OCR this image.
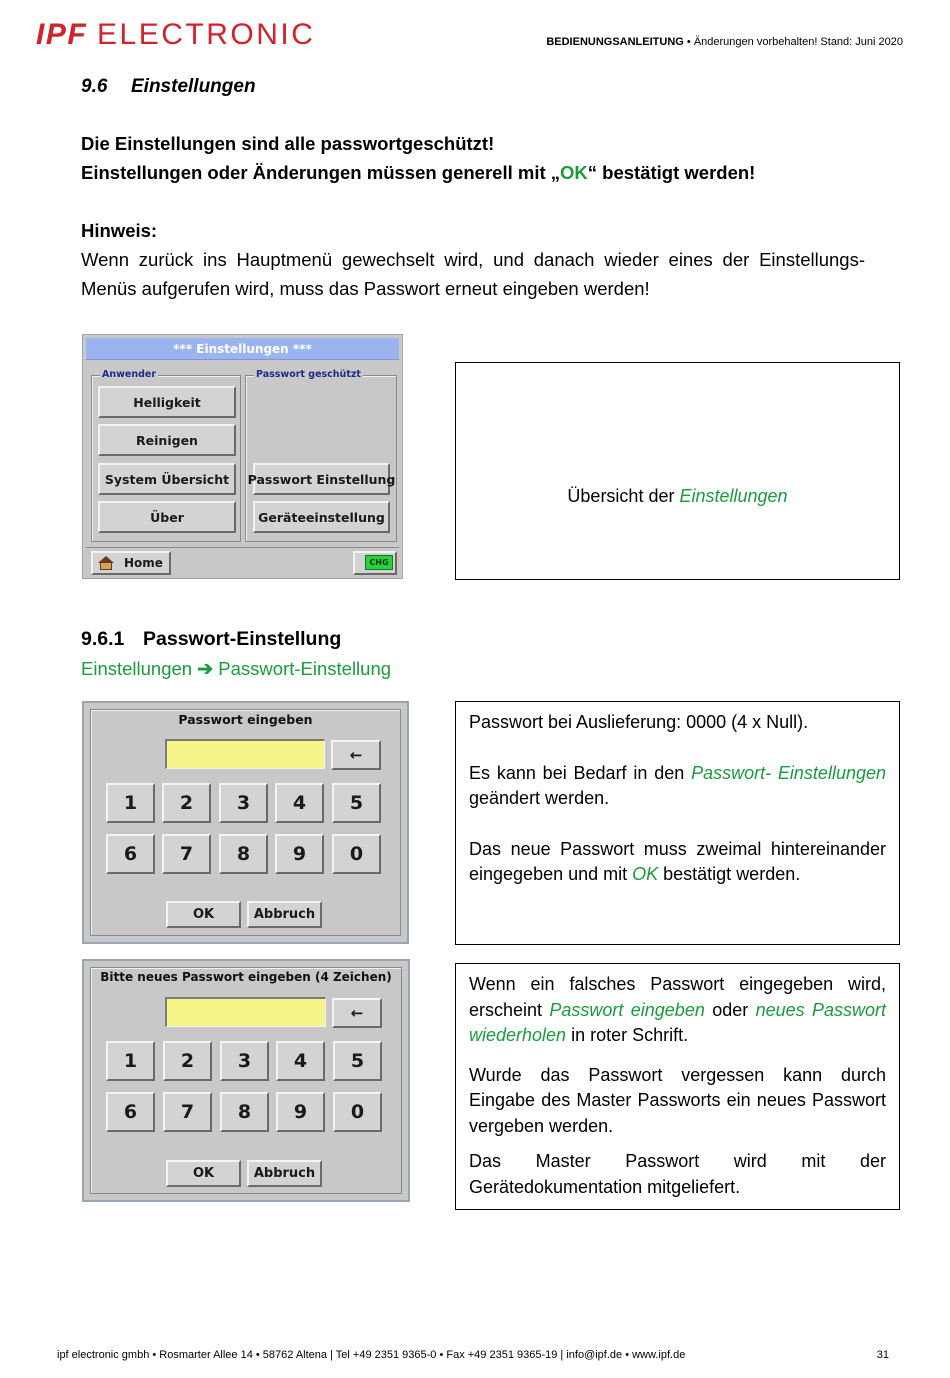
IPF ELECTRONIC	BEDIENUNGSANLEITUNG • Änderungen vorbehalten! Stand: Juni 2020
9.6 Einstellungen
Die Einstellungen sind alle passwortgeschützt!
Einstellungen oder Änderungen müssen generell mit „OK“ bestätigt werden!
Hinweis:
Wenn zurück ins Hauptmenü gewechselt wird, und danach wieder eines der Einstellungs-Menüs aufgerufen wird, muss das Passwort erneut eingeben werden!
*** Einstellungen ***
Anwender	Passwort geschützt
Helligkeit
Reinigen
System Übersicht
Über
Passwort Einstellung
Geräteeinstellung
Home	CHG

Übersicht der Einstellungen

9.6.1 Passwort-Einstellung
Einstellungen ➔ Passwort-Einstellung
Passwort eingeben
←
1	2	3	4	5
6	7	8	9	0
OK	Abbruch

Passwort bei Auslieferung: 0000 (4 x Null).

Es kann bei Bedarf in den Passwort- Einstellungen geändert werden.

Das neue Passwort muss zweimal hintereinander eingegeben und mit OK bestätigt werden.

Bitte neues Passwort eingeben (4 Zeichen)
←
1	2	3	4	5
6	7	8	9	0
OK	Abbruch

Wenn ein falsches Passwort eingegeben wird, erscheint Passwort eingeben oder neues Passwort wiederholen in roter Schrift.

Wurde das Passwort vergessen kann durch Eingabe des Master Passworts ein neues Passwort vergeben werden.

Das Master Passwort wird mit der Gerätedokumentation mitgeliefert.

ipf electronic gmbh • Rosmarter Allee 14 • 58762 Altena | Tel +49 2351 9365-0 • Fax +49 2351 9365-19 | info@ipf.de • www.ipf.de	31
